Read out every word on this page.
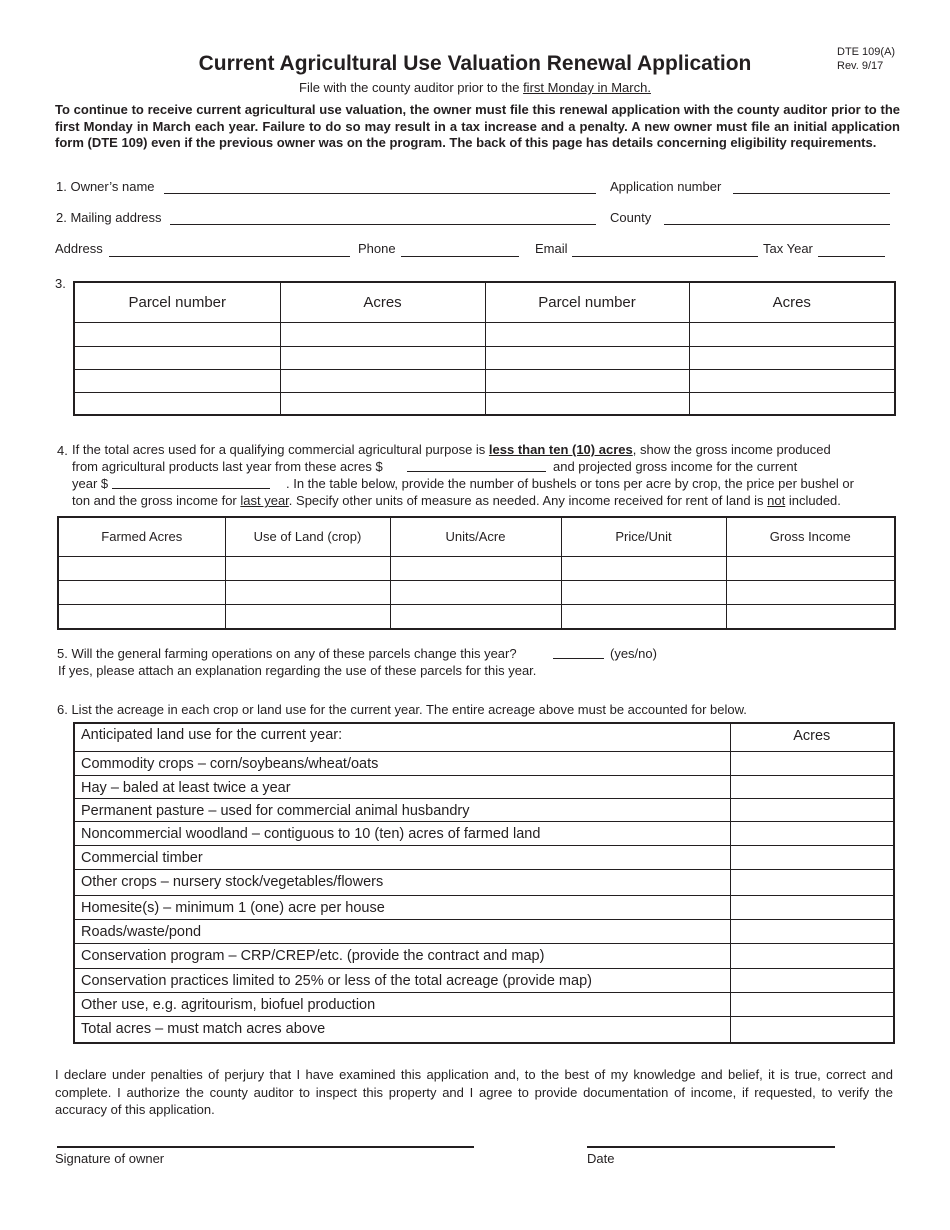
DTE 109(A)
Rev. 9/17
Current Agricultural Use Valuation Renewal Application
File with the county auditor prior to the first Monday in March.
To continue to receive current agricultural use valuation, the owner must file this renewal application with the county auditor prior to the first Monday in March each year. Failure to do so may result in a tax increase and a penalty. A new owner must file an initial application form (DTE 109) even if the previous owner was on the program. The back of this page has details concerning eligibility requirements.
1. Owner’s name	Application number
2. Mailing address	County
Address	Phone	Email	Tax Year
3.
Parcel number	Acres	Parcel number	Acres

4. If the total acres used for a qualifying commercial agricultural purpose is less than ten (10) acres, show the gross income produced
from agricultural products last year from these acres $	and projected gross income for the current
year $	. In the table below, provide the number of bushels or tons per acre by crop, the price per bushel or
ton and the gross income for last year. Specify other units of measure as needed. Any income received for rent of land is not included.
Farmed Acres	Use of Land (crop)	Units/Acre	Price/Unit	Gross Income

5. Will the general farming operations on any of these parcels change this year?	(yes/no)
If yes, please attach an explanation regarding the use of these parcels for this year.
6. List the acreage in each crop or land use for the current year. The entire acreage above must be accounted for below.
Anticipated land use for the current year:	Acres
Commodity crops – corn/soybeans/wheat/oats	
Hay – baled at least twice a year	
Permanent pasture – used for commercial animal husbandry	
Noncommercial woodland – contiguous to 10 (ten) acres of farmed land	
Commercial timber	
Other crops – nursery stock/vegetables/flowers	
Homesite(s) – minimum 1 (one) acre per house	
Roads/waste/pond	
Conservation program – CRP/CREP/etc. (provide the contract and map)	
Conservation practices limited to 25% or less of the total acreage (provide map)	
Other use, e.g. agritourism, biofuel production	
Total acres – must match acres above	
I declare under penalties of perjury that I have examined this application and, to the best of my knowledge and belief, it is true, correct and complete. I authorize the county auditor to inspect this property and I agree to provide documentation of income, if requested, to verify the accuracy of this application.
Signature of owner	Date
